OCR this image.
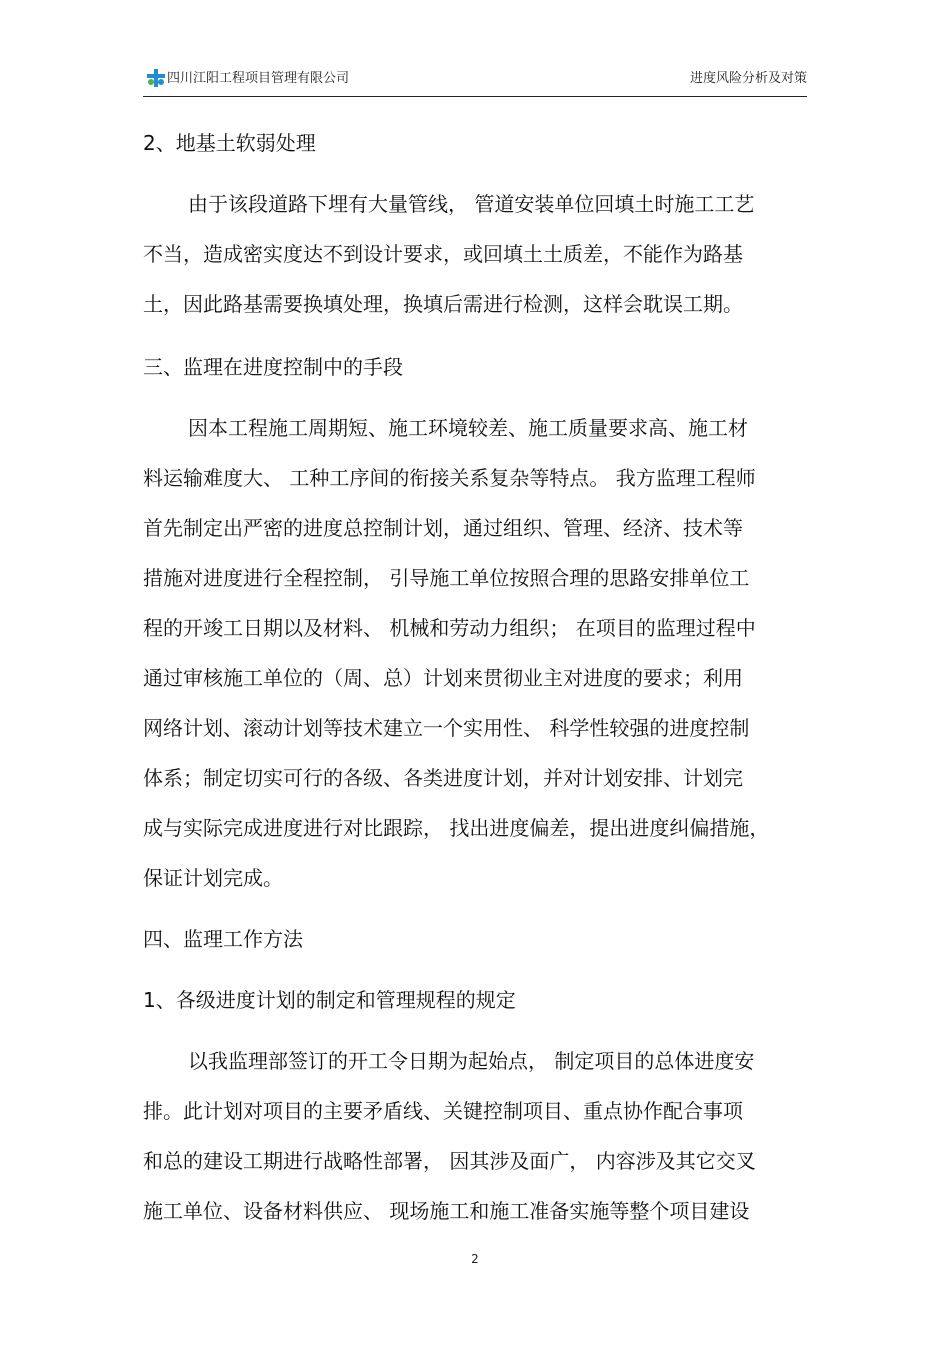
四川江阳工程项目管理有限公司	进度风险分析及对策
2、地基土软弱处理
由于该段道路下埋有大量管线， 管道安装单位回填土时施工工艺
不当，造成密实度达不到设计要求，或回填土土质差，不能作为路基
土，因此路基需要换填处理，换填后需进行检测，这样会耽误工期。
三、监理在进度控制中的手段
因本工程施工周期短、施工环境较差、施工质量要求高、施工材
料运输难度大、 工种工序间的衔接关系复杂等特点。 我方监理工程师
首先制定出严密的进度总控制计划，通过组织、管理、经济、技术等
措施对进度进行全程控制， 引导施工单位按照合理的思路安排单位工
程的开竣工日期以及材料、 机械和劳动力组织； 在项目的监理过程中
通过审核施工单位的（周、总）计划来贯彻业主对进度的要求；利用
网络计划、滚动计划等技术建立一个实用性、 科学性较强的进度控制
体系；制定切实可行的各级、各类进度计划，并对计划安排、计划完
成与实际完成进度进行对比跟踪， 找出进度偏差，提出进度纠偏措施，
保证计划完成。
四、监理工作方法
1、各级进度计划的制定和管理规程的规定
以我监理部签订的开工令日期为起始点， 制定项目的总体进度安
排。此计划对项目的主要矛盾线、关键控制项目、重点协作配合事项
和总的建设工期进行战略性部署， 因其涉及面广， 内容涉及其它交叉
施工单位、设备材料供应、 现场施工和施工准备实施等整个项目建设
2
